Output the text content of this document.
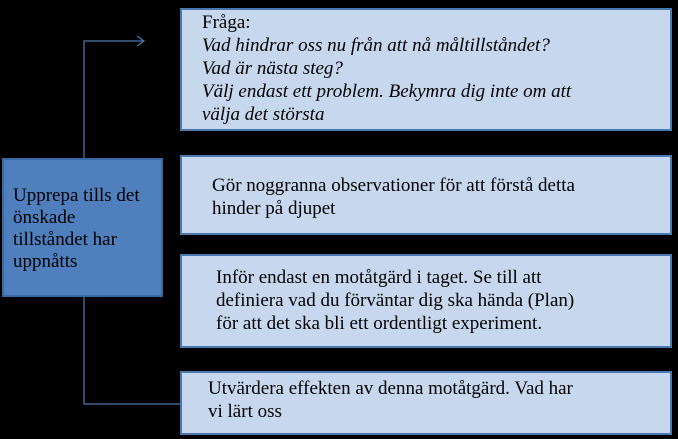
Upprepa tills det
önskade
tillståndet har
uppnåtts
Fråga:
Vad hindrar oss nu från att nå måltillståndet?
Vad är nästa steg?
Välj endast ett problem. Bekymra dig inte om att
välja det största
Gör noggranna observationer för att förstå detta
hinder på djupet
Inför endast en motåtgärd i taget. Se till att
definiera vad du förväntar dig ska hända (Plan)
för att det ska bli ett ordentligt experiment.
Utvärdera effekten av denna motåtgärd. Vad har
vi lärt oss
